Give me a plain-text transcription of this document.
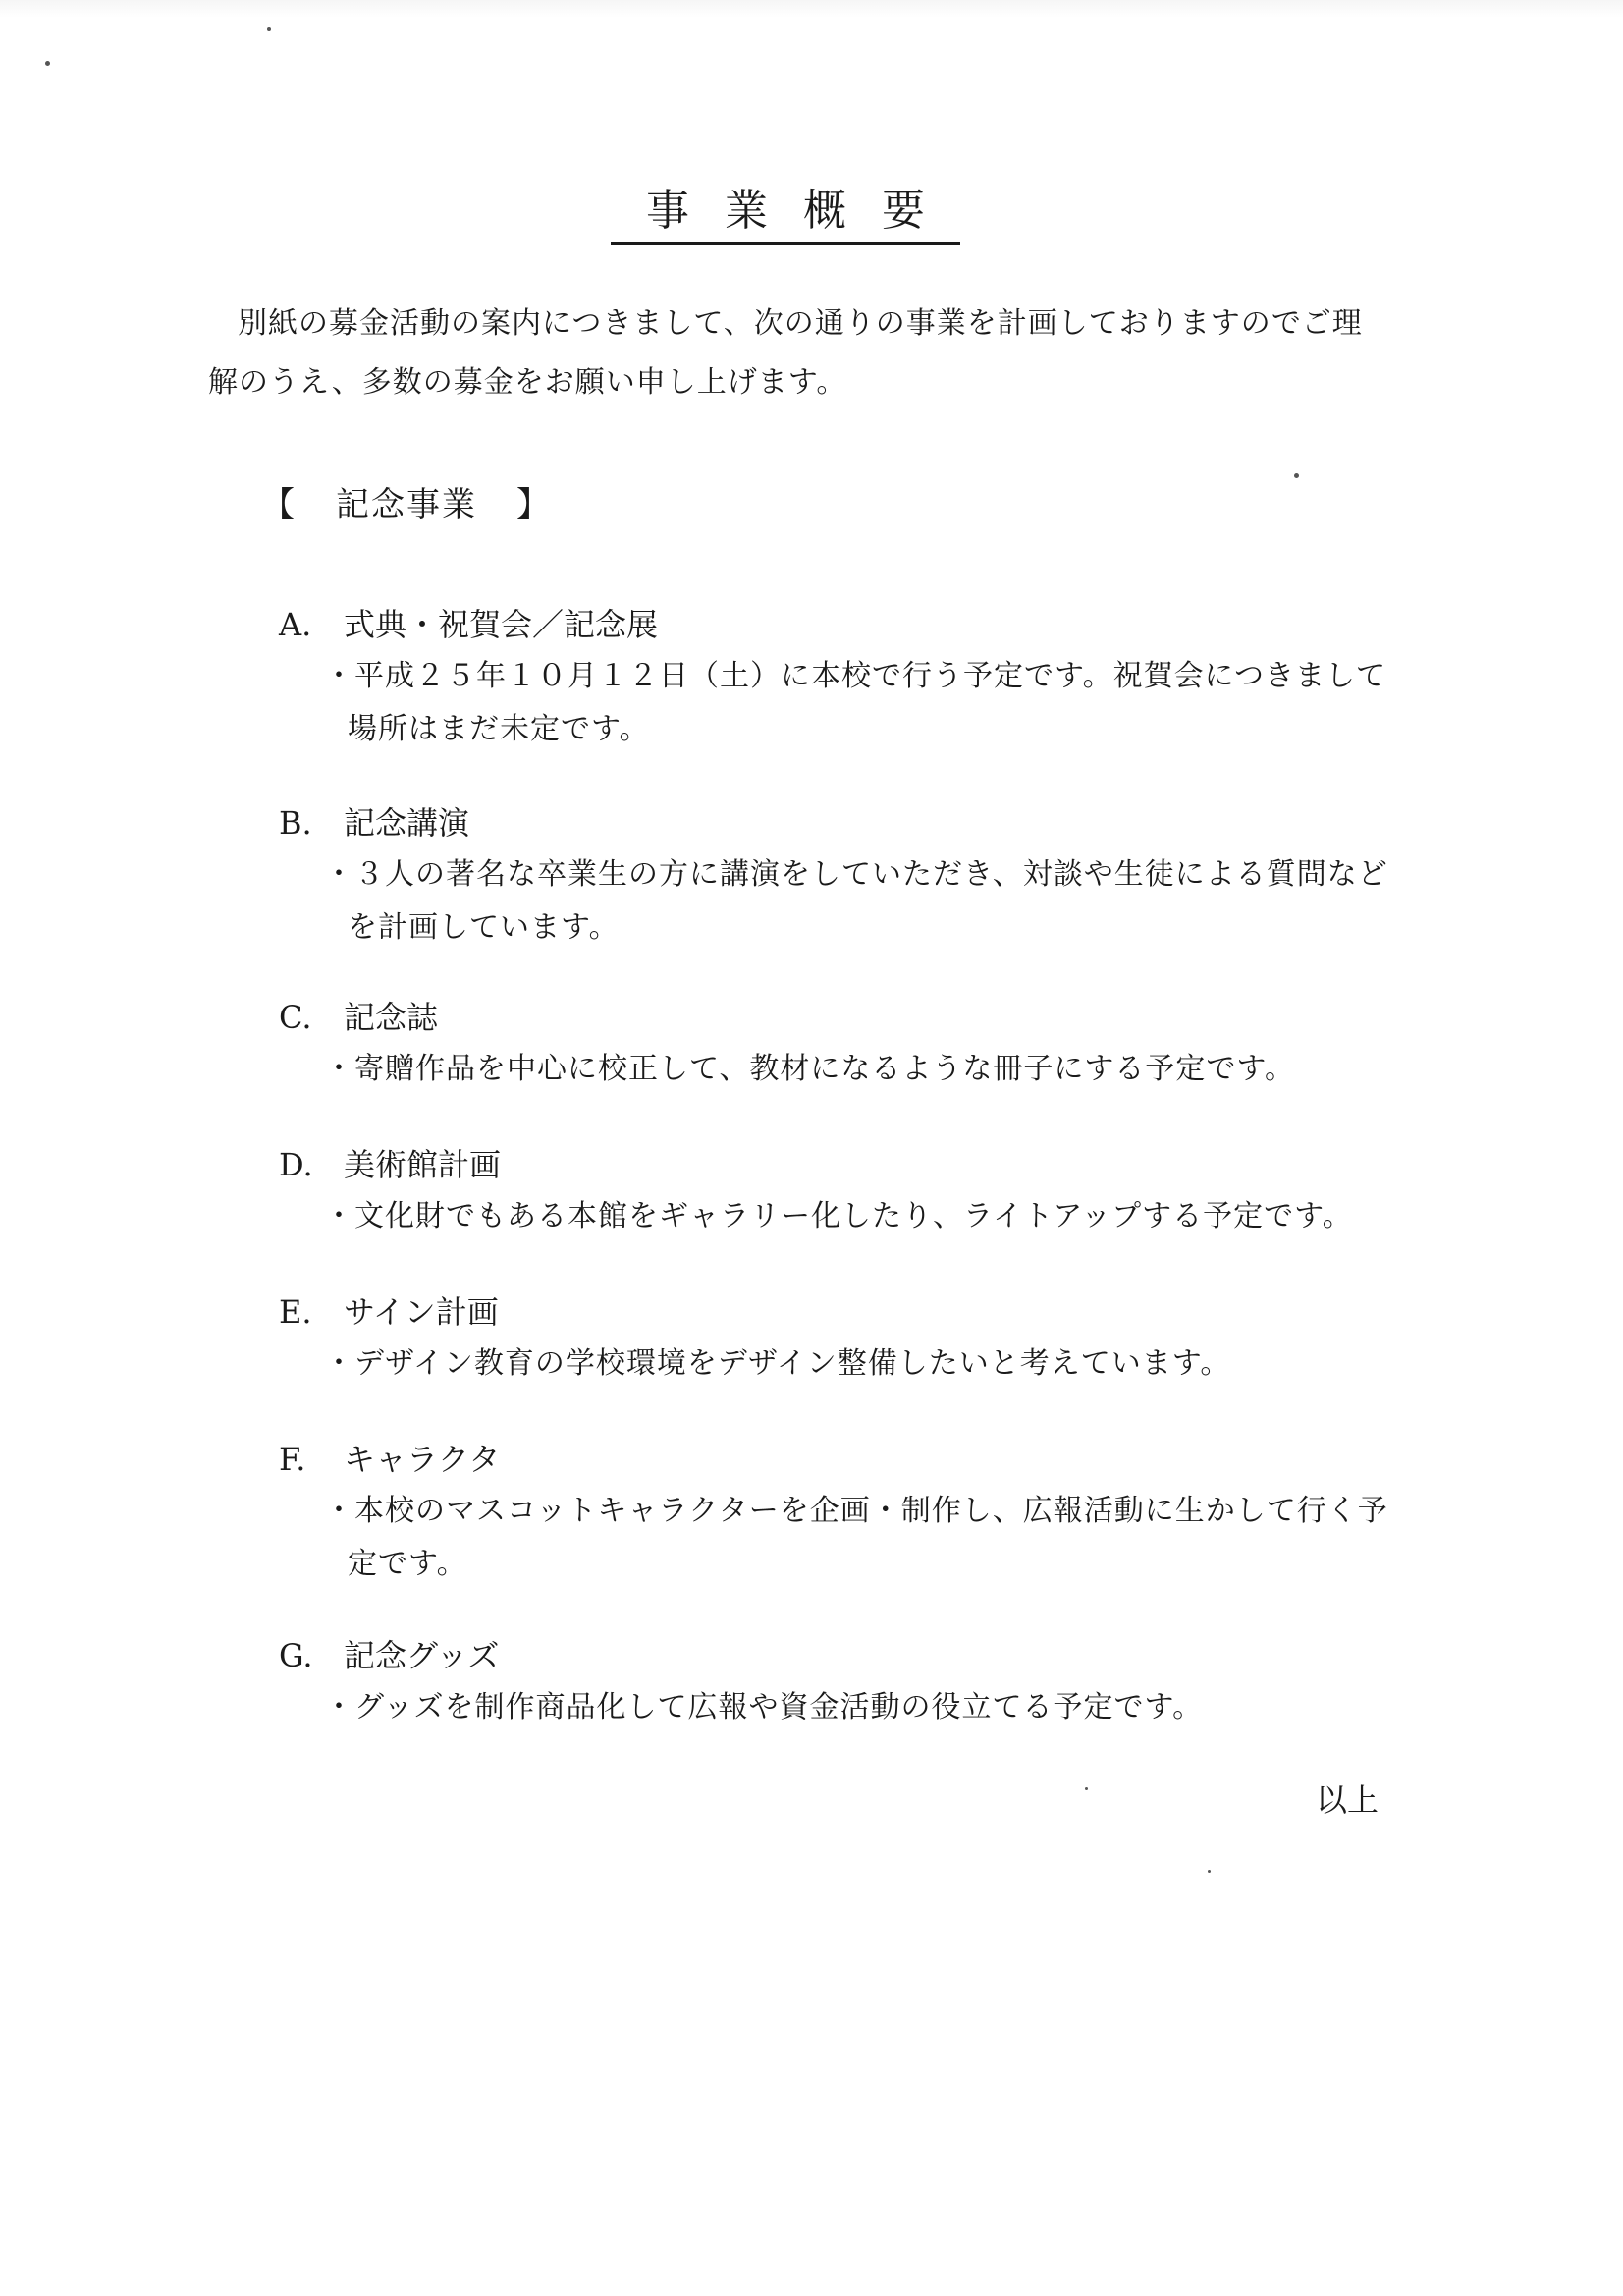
事業概要

別紙の募金活動の案内につきまして、次の通りの事業を計画しておりますのでご理解のうえ、多数の募金をお願い申し上げます。

【 記念事業 】
A. 式典・祝賀会／記念展

・平成２５年１０月１２日（土）に本校で行う予定です。祝賀会につきまして場所はまだ未定です。

B. 記念講演

・３人の著名な卒業生の方に講演をしていただき、対談や生徒による質問などを計画しています。

C. 記念誌

・寄贈作品を中心に校正して、教材になるような冊子にする予定です。

D. 美術館計画

・文化財でもある本館をギャラリー化したり、ライトアップする予定です。

E. サイン計画

・デザイン教育の学校環境をデザイン整備したいと考えています。

F. キャラクタ

・本校のマスコットキャラクターを企画・制作し、広報活動に生かして行く予定です。

G. 記念グッズ

・グッズを制作商品化して広報や資金活動の役立てる予定です。

以上
